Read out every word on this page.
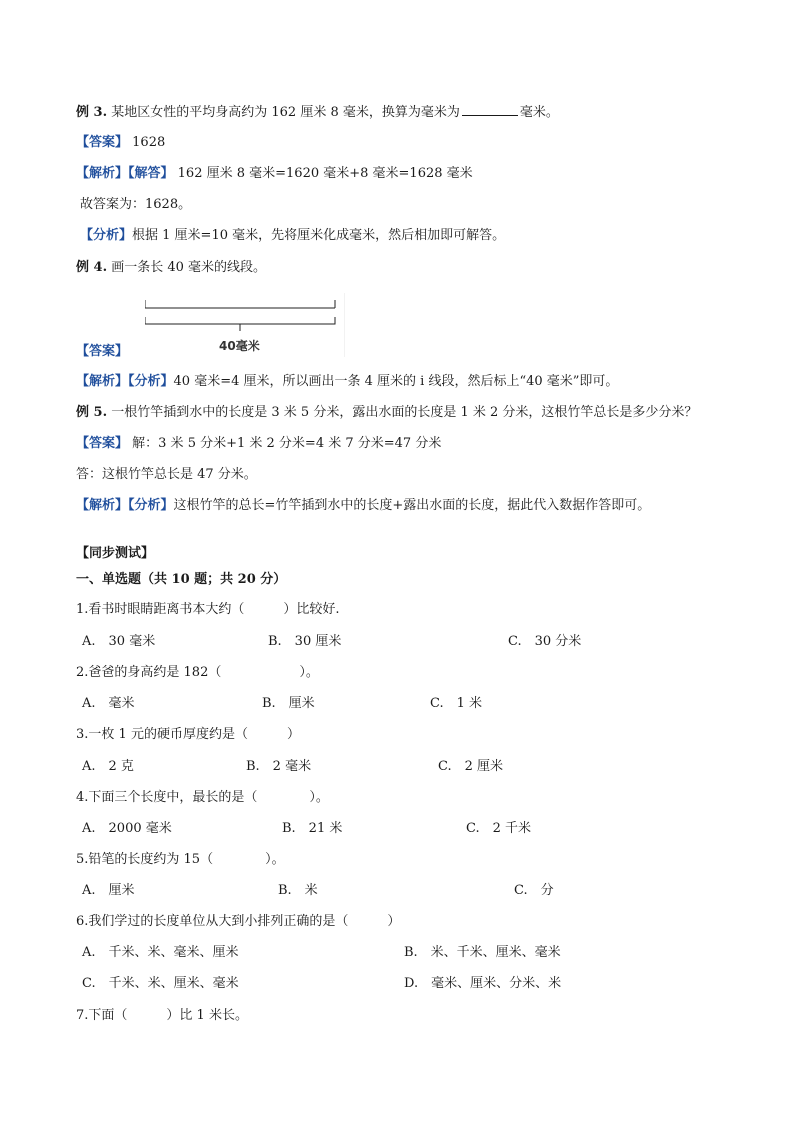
例 3. 某地区女性的平均身高约为 162 厘米 8 毫米，换算为毫米为	毫米。
【答案】 1628
【解析】【解答】 162 厘米 8 毫米=1620 毫米+8 毫米=1628 毫米
故答案为：1628。
【分析】根据 1 厘米=10 毫米，先将厘米化成毫米，然后相加即可解答。
例 4. 画一条长 40 毫米的线段。
40毫米
【答案】
【解析】【分析】40 毫米=4 厘米，所以画出一条 4 厘米的 i 线段，然后标上“40 毫米”即可。
例 5. 一根竹竿插到水中的长度是 3 米 5 分米，露出水面的长度是 1 米 2 分米，这根竹竿总长是多少分米？
【答案】 解：3 米 5 分米+1 米 2 分米=4 米 7 分米=47 分米
答：这根竹竿总长是 47 分米。
【解析】【分析】这根竹竿的总长=竹竿插到水中的长度+露出水面的长度，据此代入数据作答即可。
【同步测试】
一、单选题（共 10 题；共 20 分）
1.看书时眼睛距离书本大约（　　　）比较好.
A.　30 毫米	B.　30 厘米	C.　30 分米
2.爸爸的身高约是 182（　　　　　　）。
A.　毫米	B.　厘米	C.　1 米
3.一枚 1 元的硬币厚度约是（　　　）
A.　2 克	B.　2 毫米	C.　2 厘米
4.下面三个长度中，最长的是（　　　　）。
A.　2000 毫米	B.　21 米	C.　2 千米
5.铅笔的长度约为 15（　　　　）。
A.　厘米	B.　米	C.　分
6.我们学过的长度单位从大到小排列正确的是（　　　）
A.　千米、米、毫米、厘米	B.　米、千米、厘米、毫米
C.　千米、米、厘米、毫米	D.　毫米、厘米、分米、米
7.下面（　　　）比 1 米长。
